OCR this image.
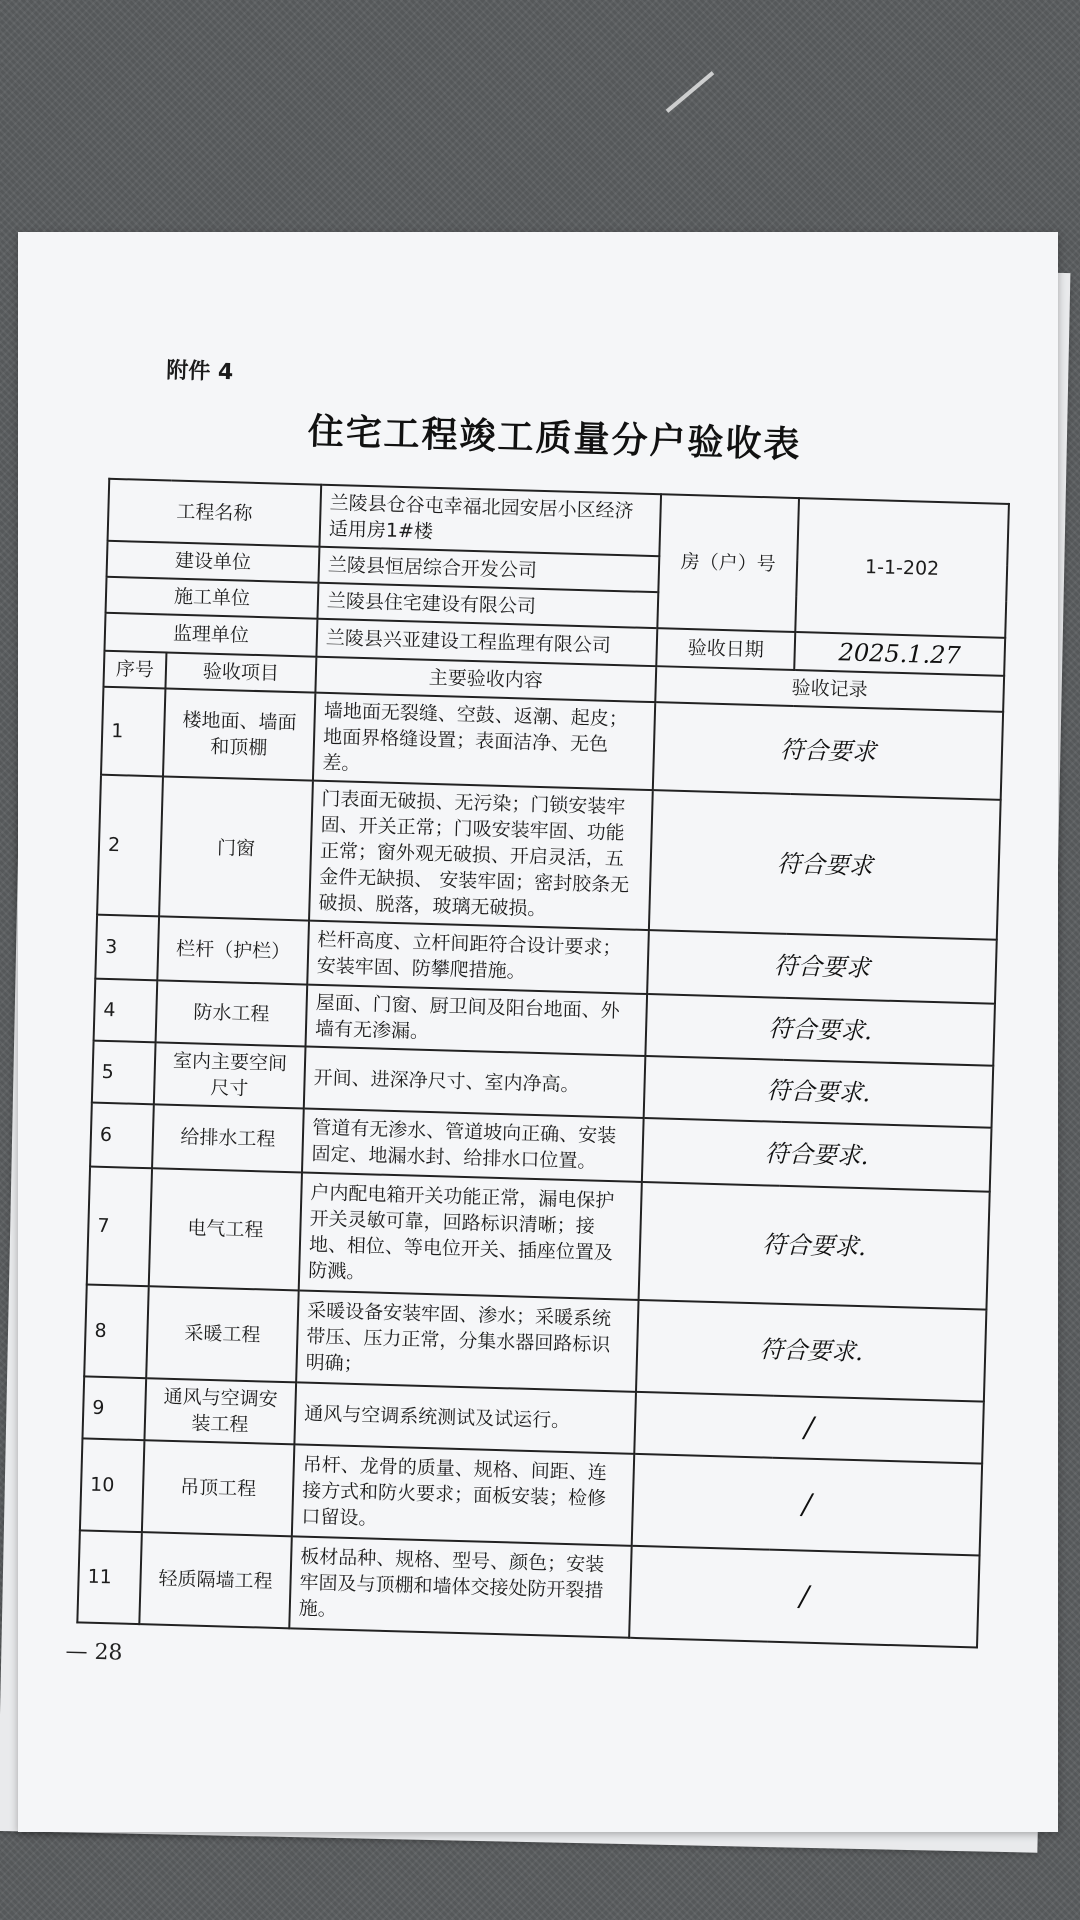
附件 4
住宅工程竣工质量分户验收表
工程名称		兰陵县仓谷屯幸福北园安居小区经济适用房1#楼	房（户）号	1-1-202
建设单位		兰陵县恒居综合开发公司		
施工单位		兰陵县住宅建设有限公司		
监理单位		兰陵县兴亚建设工程监理有限公司	验收日期	2025.1.27
序号	验收项目	主要验收内容	验收记录	
1	楼地面、墙面和顶棚	墙地面无裂缝、空鼓、返潮、起皮；地面界格缝设置；表面洁净、无色差。	符合要求	
2	门窗	门表面无破损、无污染；门锁安装牢固、开关正常；门吸安装牢固、功能正常；窗外观无破损、开启灵活，五金件无缺损、 安装牢固；密封胶条无破损、脱落，玻璃无破损。	符合要求	
3	栏杆（护栏）	栏杆高度、立杆间距符合设计要求；安装牢固、防攀爬措施。	符合要求	
4	防水工程	屋面、门窗、厨卫间及阳台地面、外墙有无渗漏。	符合要求.	
5	室内主要空间尺寸	开间、进深净尺寸、室内净高。	符合要求.	
6	给排水工程	管道有无渗水、管道坡向正确、安装固定、地漏水封、给排水口位置。	符合要求.	
7	电气工程	户内配电箱开关功能正常，漏电保护开关灵敏可靠，回路标识清晰；接地、相位、等电位开关、插座位置及防溅。	符合要求.	
8	采暖工程	采暖设备安装牢固、渗水；采暖系统带压、压力正常，分集水器回路标识明确；	符合要求.	
9	通风与空调安装工程	通风与空调系统测试及试运行。	/	
10	吊顶工程	吊杆、龙骨的质量、规格、间距、连接方式和防火要求；面板安装；检修口留设。	/	
11	轻质隔墙工程	板材品种、规格、型号、颜色；安装牢固及与顶棚和墙体交接处防开裂措施。	/	
— 28
